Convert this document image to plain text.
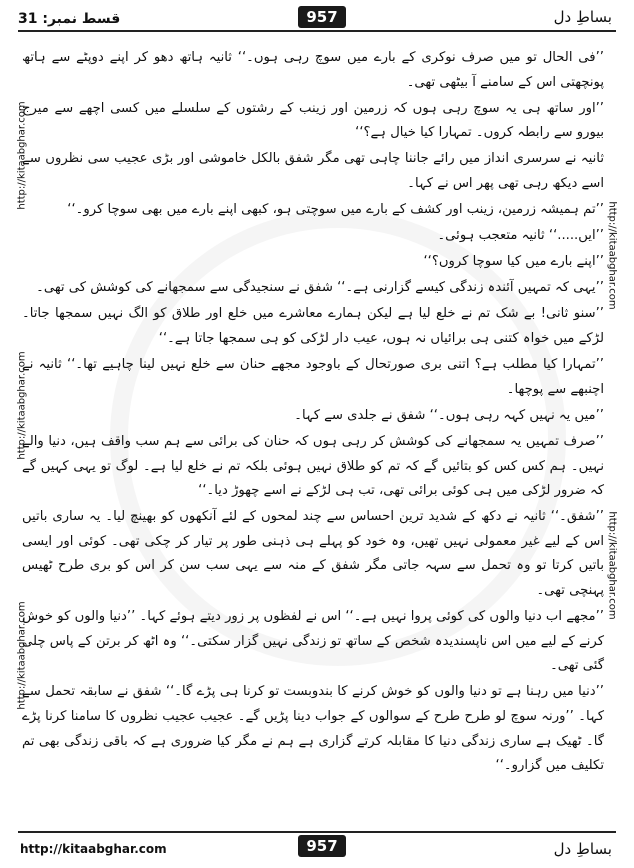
بساطِ دل
قسط نمبر: 31	957
http://kitaabghar.com
http://kitaabghar.com
http://kitaabghar.com
http://kitaabghar.com
http://kitaabghar.com

’’فی الحال تو میں صرف نوکری کے بارے میں سوچ رہی ہوں۔‘‘ ثانیہ ہاتھ دھو کر اپنے دوپٹے سے ہاتھ پونچھتی اس کے سامنے آ بیٹھی تھی۔

’’اور ساتھ ہی یہ سوچ رہی ہوں کہ زرمین اور زینب کے رشتوں کے سلسلے میں کسی اچھے سے میرج بیورو سے رابطہ کروں۔ تمہارا کیا خیال ہے؟‘‘

ثانیہ نے سرسری انداز میں رائے جاننا چاہی تھی مگر شفق بالکل خاموشی اور بڑی عجیب سی نظروں سے اسے دیکھ رہی تھی پھر اس نے کہا۔

’’تم ہمیشہ زرمین، زینب اور کشف کے بارے میں سوچتی ہو، کبھی اپنے بارے میں بھی سوچا کرو۔‘‘

’’ایں.....‘‘ ثانیہ متعجب ہوئی۔

’’اپنے بارے میں کیا سوچا کروں؟‘‘

’’یہی کہ تمہیں آئندہ زندگی کیسے گزارنی ہے۔‘‘ شفق نے سنجیدگی سے سمجھانے کی کوشش کی تھی۔

’’سنو ثانی! بے شک تم نے خلع لیا ہے لیکن ہمارے معاشرے میں خلع اور طلاق کو الگ نہیں سمجھا جاتا۔ لڑکے میں خواہ کتنی ہی برائیاں نہ ہوں، عیب دار لڑکی کو ہی سمجھا جاتا ہے۔‘‘

’’تمہارا کیا مطلب ہے؟ اتنی بری صورتحال کے باوجود مجھے حنان سے خلع نہیں لینا چاہیے تھا۔‘‘ ثانیہ نے اچنبھے سے پوچھا۔

’’میں یہ نہیں کہہ رہی ہوں۔‘‘ شفق نے جلدی سے کہا۔

’’صرف تمہیں یہ سمجھانے کی کوشش کر رہی ہوں کہ حنان کی برائی سے ہم سب واقف ہیں، دنیا والے نہیں۔ ہم کس کس کو بتائیں گے کہ تم کو طلاق نہیں ہوئی بلکہ تم نے خلع لیا ہے۔ لوگ تو یہی کہیں گے کہ ضرور لڑکی میں ہی کوئی برائی تھی، تب ہی لڑکے نے اسے چھوڑ دیا۔‘‘

’’شفق۔‘‘ ثانیہ نے دکھ کے شدید ترین احساس سے چند لمحوں کے لئے آنکھوں کو بھینچ لیا۔ یہ ساری باتیں اس کے لیے غیر معمولی نہیں تھیں، وہ خود کو پہلے ہی ذہنی طور پر تیار کر چکی تھی۔ کوئی اور ایسی باتیں کرتا تو وہ تحمل سے سہہ جاتی مگر شفق کے منہ سے یہی سب سن کر اس کو بری طرح ٹھیس پہنچی تھی۔

’’مجھے اب دنیا والوں کی کوئی پروا نہیں ہے۔‘‘ اس نے لفظوں پر زور دیتے ہوئے کہا۔ ’’دنیا والوں کو خوش کرنے کے لیے میں اس ناپسندیدہ شخص کے ساتھ تو زندگی نہیں گزار سکتی۔‘‘ وہ اٹھ کر برتن کے پاس چلی گئی تھی۔

’’دنیا میں رہنا ہے تو دنیا والوں کو خوش کرنے کا بندوبست تو کرنا ہی پڑے گا۔‘‘ شفق نے سابقہ تحمل سے کہا۔ ’’ورنہ سوچ لو طرح طرح کے سوالوں کے جواب دینا پڑیں گے۔ عجیب عجیب نظروں کا سامنا کرنا پڑے گا۔ ٹھیک ہے ساری زندگی دنیا کا مقابلہ کرتے گزاری ہے ہم نے مگر کیا ضروری ہے کہ باقی زندگی بھی تم تکلیف میں گزارو۔‘‘

957
http://kitaabghar.com	بساطِ دل
